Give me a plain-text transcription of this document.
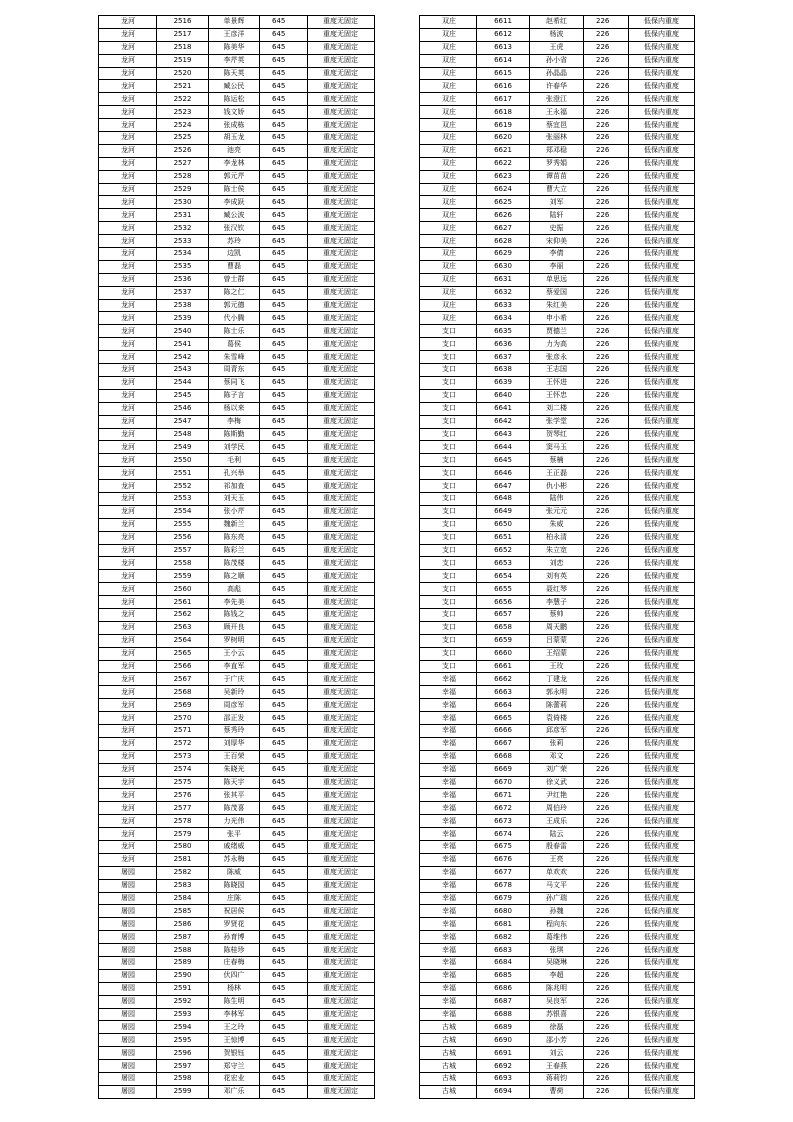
龙河	2516	单景辉	645	重度无固定
龙河	2517	王彦洋	645	重度无固定
龙河	2518	陈美华	645	重度无固定
龙河	2519	李芹英	645	重度无固定
龙河	2520	陈天英	645	重度无固定
龙河	2521	臧公民	645	重度无固定
龙河	2522	陈运松	645	重度无固定
龙河	2523	钱文娇	645	重度无固定
龙河	2524	张成栋	645	重度无固定
龙河	2525	胡玉龙	645	重度无固定
龙河	2526	池亮	645	重度无固定
龙河	2527	李龙林	645	重度无固定
龙河	2528	郭元芹	645	重度无固定
龙河	2529	陈士侯	645	重度无固定
龙河	2530	李成跃	645	重度无固定
龙河	2531	臧公波	645	重度无固定
龙河	2532	张汉钦	645	重度无固定
龙河	2533	苏玲	645	重度无固定
龙河	2534	边凯	645	重度无固定
龙河	2535	曹磊	645	重度无固定
龙河	2536	曾士群	645	重度无固定
龙河	2537	陈之仁	645	重度无固定
龙河	2538	郭元德	645	重度无固定
龙河	2539	代小腾	645	重度无固定
龙河	2540	陈士乐	645	重度无固定
龙河	2541	葛侯	645	重度无固定
龙河	2542	朱雪峰	645	重度无固定
龙河	2543	周青东	645	重度无固定
龙河	2544	蔡同飞	645	重度无固定
龙河	2545	陈子言	645	重度无固定
龙河	2546	杨以来	645	重度无固定
龙河	2547	李梅	645	重度无固定
龙河	2548	陈斯勤	645	重度无固定
龙河	2549	刘学民	645	重度无固定
龙河	2550	毛利	645	重度无固定
龙河	2551	孔兴举	645	重度无固定
龙河	2552	祁加查	645	重度无固定
龙河	2553	刘天玉	645	重度无固定
龙河	2554	张小芹	645	重度无固定
龙河	2555	魏新兰	645	重度无固定
龙河	2556	陈东亮	645	重度无固定
龙河	2557	陈彩兰	645	重度无固定
龙河	2558	陈茂楼	645	重度无固定
龙河	2559	陈之顺	645	重度无固定
龙河	2560	高彪	645	重度无固定
龙河	2561	李先美	645	重度无固定
龙河	2562	陈钱之	645	重度无固定
龙河	2563	顾开良	645	重度无固定
龙河	2564	罗树明	645	重度无固定
龙河	2565	王小云	645	重度无固定
龙河	2566	李直军	645	重度无固定
龙河	2567	于广庆	645	重度无固定
龙河	2568	吴新玲	645	重度无固定
龙河	2569	周彦军	645	重度无固定
龙河	2570	邵正发	645	重度无固定
龙河	2571	蔡秀玲	645	重度无固定
龙河	2572	刘厚华	645	重度无固定
龙河	2573	王百荣	645	重度无固定
龙河	2574	朱晓光	645	重度无固定
龙河	2575	陈天宇	645	重度无固定
龙河	2576	张其平	645	重度无固定
龙河	2577	陈茂喜	645	重度无固定
龙河	2578	力光伟	645	重度无固定
龙河	2579	张平	645	重度无固定
龙河	2580	戚绪威	645	重度无固定
龙河	2581	苏永梅	645	重度无固定
屠园	2582	陈威	645	重度无固定
屠园	2583	陈晓园	645	重度无固定
屠园	2584	庄陈	645	重度无固定
屠园	2585	祝居侯	645	重度无固定
屠园	2586	罗贤花	645	重度无固定
屠园	2587	孙育博	645	重度无固定
屠园	2588	陈桂珍	645	重度无固定
屠园	2589	庄春梅	645	重度无固定
屠园	2590	伏四广	645	重度无固定
屠园	2591	杨林	645	重度无固定
屠园	2592	陈生明	645	重度无固定
屠园	2593	李林军	645	重度无固定
屠园	2594	王之玲	645	重度无固定
屠园	2595	王惊博	645	重度无固定
屠园	2596	贺银钰	645	重度无固定
屠园	2597	郑守兰	645	重度无固定
屠园	2598	花宏业	645	重度无固定
屠园	2599	邓广乐	645	重度无固定
双庄	6611	赵希红	226	低保内重度
双庄	6612	杨波	226	低保内重度
双庄	6613	王虎	226	低保内重度
双庄	6614	孙小省	226	低保内重度
双庄	6615	孙晶晶	226	低保内重度
双庄	6616	许春华	226	低保内重度
双庄	6617	张澄江	226	低保内重度
双庄	6618	王永福	226	低保内重度
双庄	6619	蔡宜邑	226	低保内重度
双庄	6620	张丽林	226	低保内重度
双庄	6621	郑邓稳	226	低保内重度
双庄	6622	罗秀娟	226	低保内重度
双庄	6623	谭苗苗	226	低保内重度
双庄	6624	曹大立	226	低保内重度
双庄	6625	刘军	226	低保内重度
双庄	6626	陆轩	226	低保内重度
双庄	6627	史振	226	低保内重度
双庄	6628	宋仰美	226	低保内重度
双庄	6629	李倩	226	低保内重度
双庄	6630	李丽	226	低保内重度
双庄	6631	单思远	226	低保内重度
双庄	6632	蔡爱国	226	低保内重度
双庄	6633	朱红美	226	低保内重度
双庄	6634	申小希	226	低保内重度
支口	6635	贾德兰	226	低保内重度
支口	6636	力为高	226	低保内重度
支口	6637	张彦永	226	低保内重度
支口	6638	王志国	226	低保内重度
支口	6639	王怀进	226	低保内重度
支口	6640	王怀忠	226	低保内重度
支口	6641	刘二楼	226	低保内重度
支口	6642	张学堂	226	低保内重度
支口	6643	贺琴红	226	低保内重度
支口	6644	窦马玉	226	低保内重度
支口	6645	蔡楠	226	低保内重度
支口	6646	王正磊	226	低保内重度
支口	6647	仇小彬	226	低保内重度
支口	6648	陆伟	226	低保内重度
支口	6649	张元元	226	低保内重度
支口	6650	朱威	226	低保内重度
支口	6651	柏永清	226	低保内重度
支口	6652	朱立宽	226	低保内重度
支口	6653	刘恋	226	低保内重度
支口	6654	刘有英	226	低保内重度
支口	6655	聂红琴	226	低保内重度
支口	6656	李慧子	226	低保内重度
支口	6657	蔡帅	226	低保内重度
支口	6658	周天鹏	226	低保内重度
支口	6659	吕蒙蒙	226	低保内重度
支口	6660	王绍蒙	226	低保内重度
支口	6661	王玫	226	低保内重度
幸福	6662	丁建龙	226	低保内重度
幸福	6663	郭永明	226	低保内重度
幸福	6664	陈蕾莉	226	低保内重度
幸福	6665	袁倚楼	226	低保内重度
幸福	6666	邱彦军	226	低保内重度
幸福	6667	张莉	226	低保内重度
幸福	6668	邓文	226	低保内重度
幸福	6669	刘广荣	226	低保内重度
幸福	6670	徐义武	226	低保内重度
幸福	6671	尹红艳	226	低保内重度
幸福	6672	周伯玲	226	低保内重度
幸福	6673	王成乐	226	低保内重度
幸福	6674	陆云	226	低保内重度
幸福	6675	殷春雷	226	低保内重度
幸福	6676	王亮	226	低保内重度
幸福	6677	单欢欢	226	低保内重度
幸福	6678	马文平	226	低保内重度
幸福	6679	孙广瑞	226	低保内重度
幸福	6680	孙魏	226	低保内重度
幸福	6681	程向东	226	低保内重度
幸福	6682	葛维伟	226	低保内重度
幸福	6683	张琪	226	低保内重度
幸福	6684	吴晓琳	226	低保内重度
幸福	6685	李超	226	低保内重度
幸福	6686	陈兆明	226	低保内重度
幸福	6687	吴良军	226	低保内重度
幸福	6688	苏银喜	226	低保内重度
古城	6689	徐磊	226	低保内重度
古城	6690	邵小芳	226	低保内重度
古城	6691	刘云	226	低保内重度
古城	6692	王春燕	226	低保内重度
古城	6693	蒋莉钧	226	低保内重度
古城	6694	曹荷	226	低保内重度
